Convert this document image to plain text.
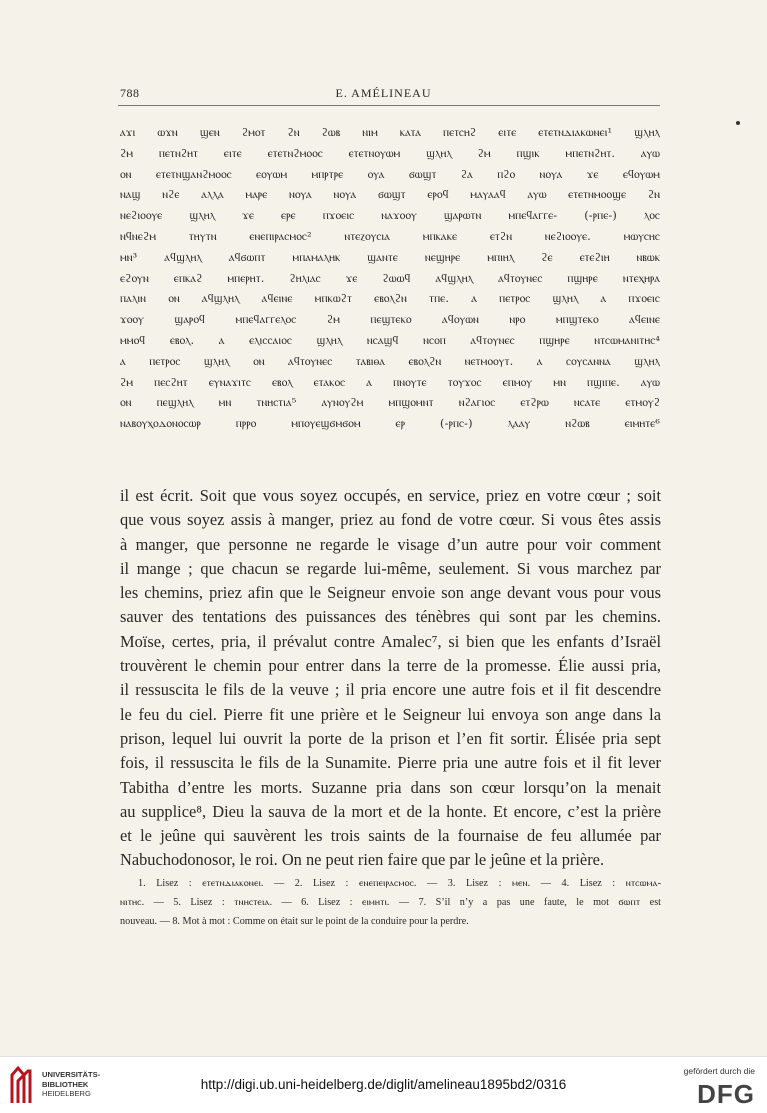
788	E. AMÉLINEAU
ⲁϫⲓ ⲱϫⲛ ϣⲉⲛ ϩⲙⲟⲧ ϩⲛ ϩⲱⲃ ⲛⲓⲙ ⲕⲁⲧⲁ ⲡⲉⲧⲥⲏϩ ⲉⲓⲧⲉ ⲉⲧⲉⲧⲛⲇⲓⲁⲕⲱⲛⲉⲓ¹ ϣⲗⲏⲗ
ϩⲙ ⲡⲉⲧⲛϩⲏⲧ ⲉⲓⲧⲉ ⲉⲧⲉⲧⲛϩⲙⲟⲟⲥ ⲉⲧⲉⲧⲛⲟⲩⲱⲙ ϣⲗⲏⲗ ϩⲙ ⲡϣⲓⲕ ⲙⲡⲉⲧⲛϩⲏⲧ. ⲁⲩⲱ
ⲟⲛ ⲉⲧⲉⲧⲛϣⲁⲛϩⲙⲟⲟⲥ ⲉⲟⲩⲱⲙ ⲙⲡⲣⲧⲣⲉ ⲟⲩⲁ ϭⲱϣⲧ ϩⲁ ⲡϩⲟ ⲛⲟⲩⲁ ϫⲉ ⲉϥⲟⲩⲱⲙ
ⲛⲁϣ ⲛϩⲉ ⲁⲗⲗⲁ ⲙⲁⲣⲉ ⲛⲟⲩⲁ ⲛⲟⲩⲁ ϭⲱϣⲧ ⲉⲣⲟϥ ⲙⲁⲩⲁⲁϥ ⲁⲩⲱ ⲉⲧⲉⲧⲛⲙⲟⲟϣⲉ ϩⲛ
ⲛⲉϩⲓⲟⲟⲩⲉ ϣⲗⲏⲗ ϫⲉ ⲉⲣⲉ ⲡϫⲟⲉⲓⲥ ⲛⲁϫⲟⲟⲩ ϣⲁⲣⲱⲧⲛ ⲙⲡⲉϥⲁⲅⲅⲉ- (-ⲣⲡⲉ-) ⲗⲟⲥ
ⲛϥⲛⲉϩⲙ ⲧⲏⲩⲧⲛ ⲉⲛⲉⲡⲓⲣⲁⲥⲙⲟⲥ² ⲛⲧⲉⲍⲟⲩⲥⲓⲁ ⲙⲡⲕⲁⲕⲉ ⲉⲧϩⲛ ⲛⲉϩⲓⲟⲟⲩⲉ. ⲙⲱⲩⲥⲏⲥ
ⲙⲛ³ ⲁϥϣⲗⲏⲗ ⲁϥϭⲱⲡⲧ ⲙⲡⲁⲙⲁⲗⲏⲕ ϣⲁⲛⲧⲉ ⲛⲉϣⲏⲣⲉ ⲙⲡⲓⲏⲗ ϩⲉ ⲉⲧⲉϩⲓⲏ ⲛⲃⲱⲕ
ⲉϩⲟⲩⲛ ⲉⲡⲕⲁϩ ⲙⲡⲉⲣⲏⲧ. ϩⲏⲗⲓⲁⲥ ϫⲉ ϩⲱⲱϥ ⲁϥϣⲗⲏⲗ ⲁϥⲧⲟⲩⲛⲉⲥ ⲡϣⲏⲣⲉ ⲛⲧⲉⲭⲏⲣⲁ
ⲡⲁⲗⲓⲛ ⲟⲛ ⲁϥϣⲗⲏⲗ ⲁϥⲉⲓⲛⲉ ⲙⲡⲕⲱϩⲧ ⲉⲃⲟⲗϩⲛ ⲧⲡⲉ. ⲁ ⲡⲉⲧⲣⲟⲥ ϣⲗⲏⲗ ⲁ ⲡϫⲟⲉⲓⲥ
ϫⲟⲟⲩ ϣⲁⲣⲟϥ ⲙⲡⲉϥⲁⲅⲅⲉⲗⲟⲥ ϩⲙ ⲡⲉϣⲧⲉⲕⲟ ⲁϥⲟⲩⲱⲛ ⲛⲣⲟ ⲙⲡϣⲧⲉⲕⲟ ⲁϥⲉⲓⲛⲉ
ⲙⲙⲟϥ ⲉⲃⲟⲗ. ⲁ ⲉⲗⲓⲥⲥⲁⲓⲟⲥ ϣⲗⲏⲗ ⲛⲥⲁϣϥ ⲛⲥⲟⲡ ⲁϥⲧⲟⲩⲛⲉⲥ ⲡϣⲏⲣⲉ ⲛⲧⲥⲱⲙⲁⲛⲓⲧⲏⲥ⁴
ⲁ ⲡⲉⲧⲣⲟⲥ ϣⲗⲏⲗ ⲟⲛ ⲁϥⲧⲟⲩⲛⲉⲥ ⲧⲁⲃⲓⲑⲁ ⲉⲃⲟⲗϩⲛ ⲛⲉⲧⲙⲟⲟⲩⲧ. ⲁ ⲥⲟⲩⲥⲁⲛⲛⲁ ϣⲗⲏⲗ
ϩⲙ ⲡⲉⲥϩⲏⲧ ⲉⲩⲛⲁϫⲓⲧⲥ ⲉⲃⲟⲗ ⲉⲧⲁⲕⲟⲥ ⲁ ⲡⲛⲟⲩⲧⲉ ⲧⲟⲩϫⲟⲥ ⲉⲡⲙⲟⲩ ⲙⲛ ⲡϣⲓⲡⲉ. ⲁⲩⲱ
ⲟⲛ ⲡⲉϣⲗⲏⲗ ⲙⲛ ⲧⲛⲏⲥⲧⲓⲁ⁵ ⲁⲩⲛⲟⲩϩⲙ ⲙⲡϣⲟⲙⲛⲧ ⲛϩⲁⲅⲓⲟⲥ ⲉⲧϩⲣⲱ ⲛⲥⲁⲧⲉ ⲉⲧⲙⲟⲩϩ
ⲛⲁⲃⲟⲩⲭⲟⲇⲟⲛⲟⲥⲱⲣ ⲡⲣⲣⲟ ⲙⲡⲟⲩⲉϣϭⲙϭⲟⲙ ⲉⲣ (-ⲣⲡⲥ-) ⲗⲁⲁⲩ ⲛϩⲱⲃ ⲉⲓⲙⲏⲧⲉ⁶
il est écrit. Soit que vous soyez occupés, en service, priez en votre cœur ; soit
que vous soyez assis à manger, priez au fond de votre cœur. Si vous êtes assis
à manger, que personne ne regarde le visage d’un autre pour voir comment
il mange ; que chacun se regarde lui-même, seulement. Si vous marchez par
les chemins, priez afin que le Seigneur envoie son ange devant vous pour vous
sauver des tentations des puissances des ténèbres qui sont par les chemins.
Moïse, certes, pria, il prévalut contre Amalec⁷, si bien que les enfants d’Israël
trouvèrent le chemin pour entrer dans la terre de la promesse. Élie aussi pria,
il ressuscita le fils de la veuve ; il pria encore une autre fois et il fit descendre
le feu du ciel. Pierre fit une prière et le Seigneur lui envoya son ange dans la
prison, lequel lui ouvrit la porte de la prison et l’en fit sortir. Élisée pria sept
fois, il ressuscita le fils de la Sunamite. Pierre pria une autre fois et il fit lever
Tabitha d’entre les morts. Suzanne pria dans son cœur lorsqu’on la menait
au supplice⁸, Dieu la sauva de la mort et de la honte. Et encore, c’est la prière
et le jeûne qui sauvèrent les trois saints de la fournaise de feu allumée par
Nabuchodonosor, le roi. On ne peut rien faire que par le jeûne et la prière.
1. Lisez : ⲉⲧⲉⲧⲛⲇⲓⲁⲕⲟⲛⲉⲓ. — 2. Lisez : ⲉⲛⲉⲡⲉⲓⲣⲁⲥⲙⲟⲥ. — 3. Lisez : ⲙⲉⲛ. — 4. Lisez : ⲛⲧⲥⲱⲙⲁ-
ⲛⲓⲧⲏⲥ. — 5. Lisez : ⲧⲛⲏⲥⲧⲉⲓⲁ. — 6. Lisez : ⲉⲓⲙⲏⲧⲓ. — 7. S’il n’y a pas une faute, le mot ϭⲱⲡⲧ est
nouveau. — 8. Mot à mot : Comme on était sur le point de la conduire pour la perdre.
UNIVERSITÄTS-
BIBLIOTHEK
HEIDELBERG
http://digi.ub.uni-heidelberg.de/diglit/amelineau1895bd2/0316
gefördert durch die
DFG
